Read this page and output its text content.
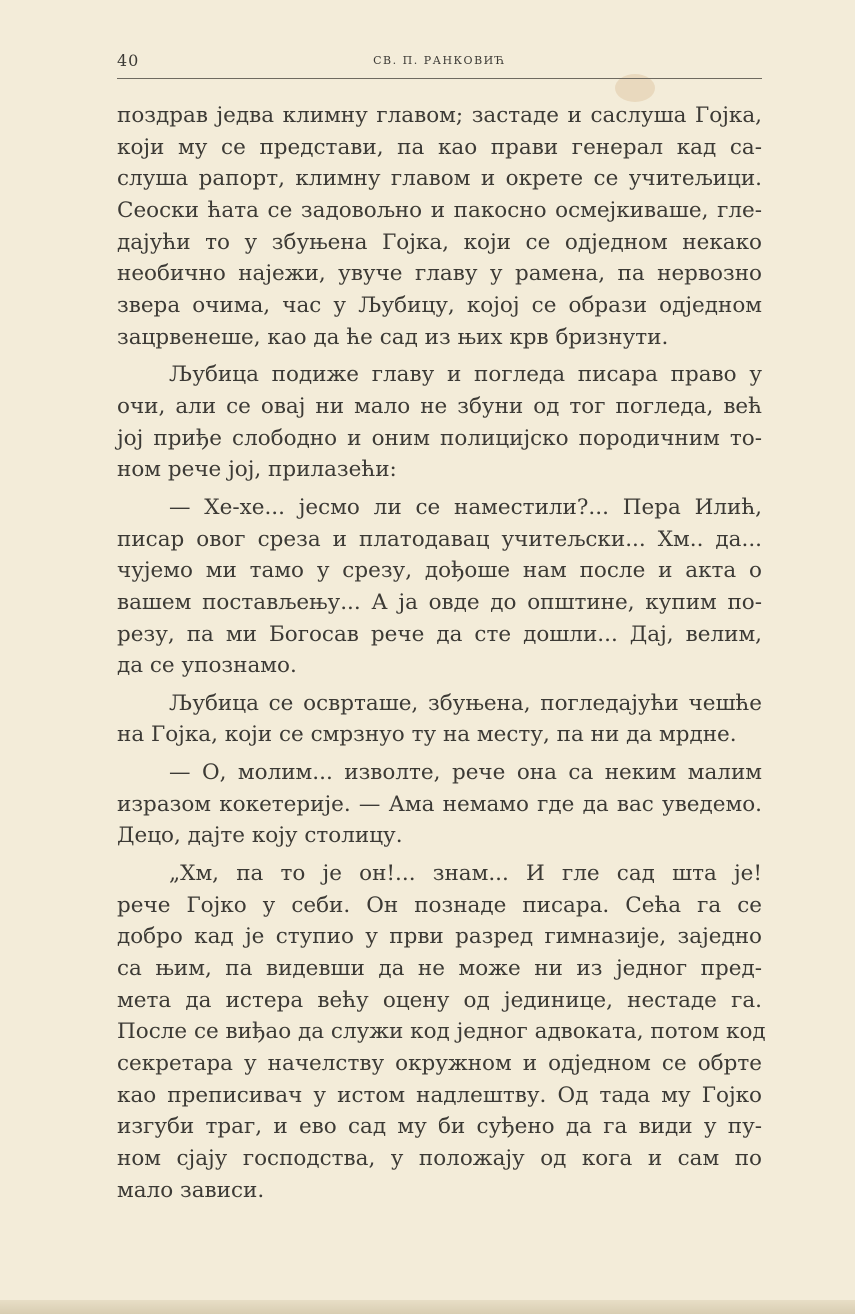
40	СВ. П. РАНКОВИЋ
поздрав једва климну главом; застаде и саслуша Гојка,
који му се представи, па као прави генерал кад са-
слуша рапорт, климну главом и окрете се учитељици.
Сеоски ћата се задовољно и пакосно осмејкиваше, гле-
дајући то у збуњена Гојка, који се одједном некако
необично најежи, увуче главу у рамена, па нервозно
звера очима, час у Љубицу, којој се образи одједном
зацрвенеше, као да ће сад из њих крв бризнути.
Љубица подиже главу и погледа писара право у
очи, али се овај ни мало не збуни од тог погледа, већ
јој приђе слободно и оним полицијско породичним то-
ном рече јој, прилазећи:
— Хе-хе... јесмо ли се наместили?... Пера Илић,
писар овог среза и платодавац учитељски... Хм.. да...
чујемо ми тамо у срезу, дођоше нам после и акта о
вашем постављењу... А ја овде до општине, купим по-
резу, па ми Богосав рече да сте дошли... Дај, велим,
да се упознамо.
Љубица се осврташе, збуњена, погледајући чешће
на Гојка, који се смрзнуо ту на месту, па ни да мрдне.
— О, молим... изволте, рече она са неким малим
изразом кокетерије. — Ама немамо где да вас уведемо.
Децо, дајте коју столицу.
„Хм, па то је он!... знам... И гле сад шта је!
рече Гојко у себи. Он познаде писара. Сећа га се
добро кад је ступио у први разред гимназије, заједно
са њим, па видевши да не може ни из једног пред-
мета да истера већу оцену од јединице, нестаде га.
После се виђао да служи код једног адвоката, потом код
секретара у начелству окружном и одједном се обрте
као преписивач у истом надлештву. Од тада му Гојко
изгуби траг, и ево сад му би суђено да га види у пу-
ном сјају господства, у положају од кога и сам по
мало зависи.
